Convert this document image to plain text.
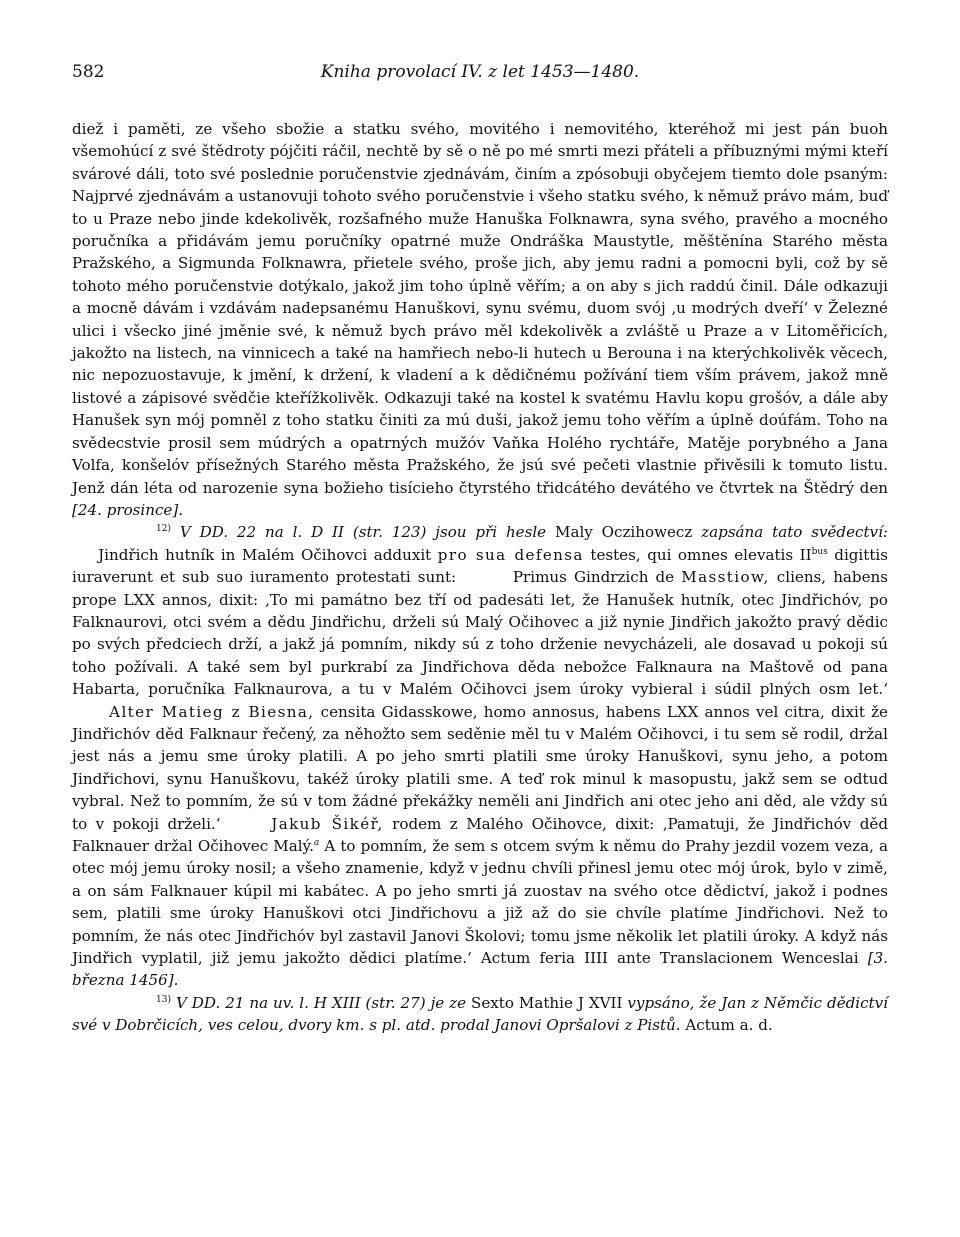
582	Kniha provolací IV. z let 1453—1480.

diež i paměti, ze všeho sbožie a statku svého, movitého i nemovitého, kteréhož mi jest pán buoh všemohúcí z své štědroty pójčiti ráčil, nechtě by sě o ně po mé smrti mezi přáteli a příbuznými mými kteří svárové dáli, toto své poslednie poručenstvie zjednávám, činím a zpósobuji obyčejem tiemto dole psaným: Najprvé zjednávám a ustanovuji tohoto svého poručenstvie i všeho statku svého, k němuž právo mám, buď to u Praze nebo jinde kdekolivěk, rozšafného muže Hanuška Folknawra, syna svého, pravého a mocného poručníka a přidávám jemu poručníky opatrné muže Ondráška Maustytle, měštěnína Starého města Pražského, a Sigmunda Folknawra, přietele svého, proše jich, aby jemu radni a pomocni byli, což by sě tohoto mého poručenstvie dotýkalo, jakož jim toho úplně věřím; a on aby s jich raddú činil. Dále odkazuji a mocně dávám i vzdávám nadepsanému Hanuškovi, synu svému, duom svój ‚u modrých dveří‘ v Železné ulici i všecko jiné jměnie své, k němuž bych právo měl kdekolivěk a zvláště u Praze a v Litoměřicích, jakožto na listech, na vinnicech a také na hamřiech nebo-li hutech u Berouna i na kterýchkolivěk věcech, nic nepozuostavuje, k jmění, k držení, k vladení a k dědičnému požívání tiem vším právem, jakož mně listové a zápisové svědčie kteřížkolivěk. Odkazuji také na kostel k svatému Havlu kopu grošóv, a dále aby Hanušek syn mój pomněl z toho statku činiti za mú duši, jakož jemu toho věřím a úplně doúfám. Toho na svědecstvie prosil sem múdrých a opatrných mužóv Vaňka Holého rychtáře, Matěje porybného a Jana Volfa, konšelóv přísežných Starého města Pražského, že jsú své pečeti vlastnie přivěsili k tomuto listu. Jenž dán léta od narozenie syna božieho tisícieho čtyrstého třidcátého devátého ve čtvrtek na Štědrý den [24. prosince].

$^{12)}$ V DD. 22 na l. D II (str. 123) jsou při hesle Maly Oczihowecz zapsána tato svědectví:     Jindřich hutník in Malém Očihovci adduxit pro sua defensa testes, qui omnes elevatis $II^{bus}$ digittis iuraverunt et sub suo iuramento protestati sunt:	Primus Gindrzich de Masstiow, cliens, habens prope LXX annos, dixit: ‚To mi památno bez tří od padesáti let, že Hanušek hutník, otec Jindřichóv, po Falknaurovi, otci svém a dědu Jindřichu, drželi sú Malý Očihovec a již nynie Jindřich jakožto pravý dědic po svých předciech drží, a jakž já pomním, nikdy sú z toho drženie nevycházeli, ale dosavad u pokoji sú toho požívali. A také sem byl purkrabí za Jindřichova děda nebožce Falknaura na Maštově od pana Habarta, poručníka Falknaurova, a tu v Malém Očihovci jsem úroky vybieral i súdil plných osm let.‘       Alter Matieg z Biesna, censita Gidasskowe, homo annosus, habens LXX annos vel citra, dixit že Jindřichóv děd Falknaur řečený, za něhožto sem seděnie měl tu v Malém Očihovci, i tu sem sě rodil, držal jest nás a jemu sme úroky platili. A po jeho smrti platili sme úroky Hanuškovi, synu jeho, a potom Jindřichovi, synu Hanuškovu, takéž úroky platili sme. A teď rok minul k masopustu, jakž sem se odtud vybral. Než to pomním, že sú v tom žádné překážky neměli ani Jindřich ani otec jeho ani děd, ale vždy sú to v pokoji drželi.‘	Jakub Šikéř, rodem z Malého Očihovce, dixit: ‚Pamatuji, že Jindřichóv děd Falknauer držal Očihovec Malý.$^a$ A to pomním, že sem s otcem svým k němu do Prahy jezdil vozem veza, a otec mój jemu úroky nosil; a všeho znamenie, když v jednu chvíli přinesl jemu otec mój úrok, bylo v zimě, a on sám Falknauer kúpil mi kabátec. A po jeho smrti já zuostav na svého otce dědictví, jakož i podnes sem, platili sme úroky Hanuškovi otci Jindřichovu a již až do sie chvíle platíme Jindřichovi. Než to pomním, že nás otec Jindřichóv byl zastavil Janovi Školovi; tomu jsme několik let platili úroky. A když nás Jindřich vyplatil, již jemu jakožto dědici platíme.‘ Actum feria IIII ante Translacionem Wenceslai [3. března 1456].

$^{13)}$ V DD. 21 na uv. l. H XIII (str. 27) je ze Sexto Mathie J XVII vypsáno, že Jan z Němčic dědictví své v Dobrčicích, ves celou, dvory km. s pl. atd. prodal Janovi Opršalovi z Pistů. Actum a. d.
